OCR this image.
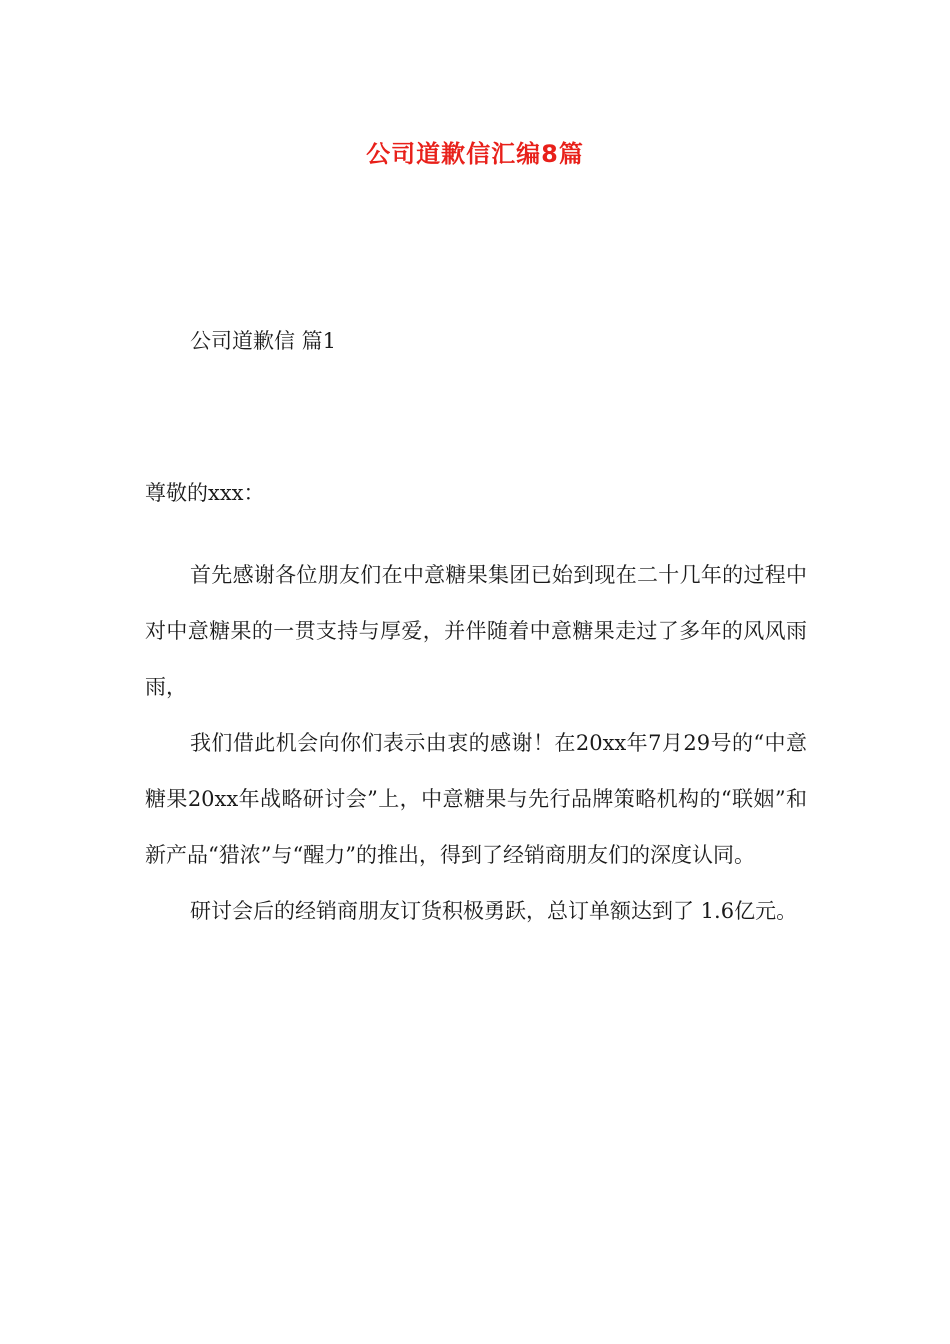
公司道歉信汇编8篇
公司道歉信 篇1
尊敬的xxx：

首先感谢各位朋友们在中意糖果集团已始到现在二十几年的过程中对中意糖果的一贯支持与厚爱，并伴随着中意糖果走过了多年的风风雨雨，

我们借此机会向你们表示由衷的感谢！在20xx年7月29号的“中意糖果20xx年战略研讨会”上，中意糖果与先行品牌策略机构的“联姻”和新产品“猎浓”与“醒力”的推出，得到了经销商朋友们的深度认同。

研讨会后的经销商朋友订货积极勇跃，总订单额达到了 1.6亿元。
